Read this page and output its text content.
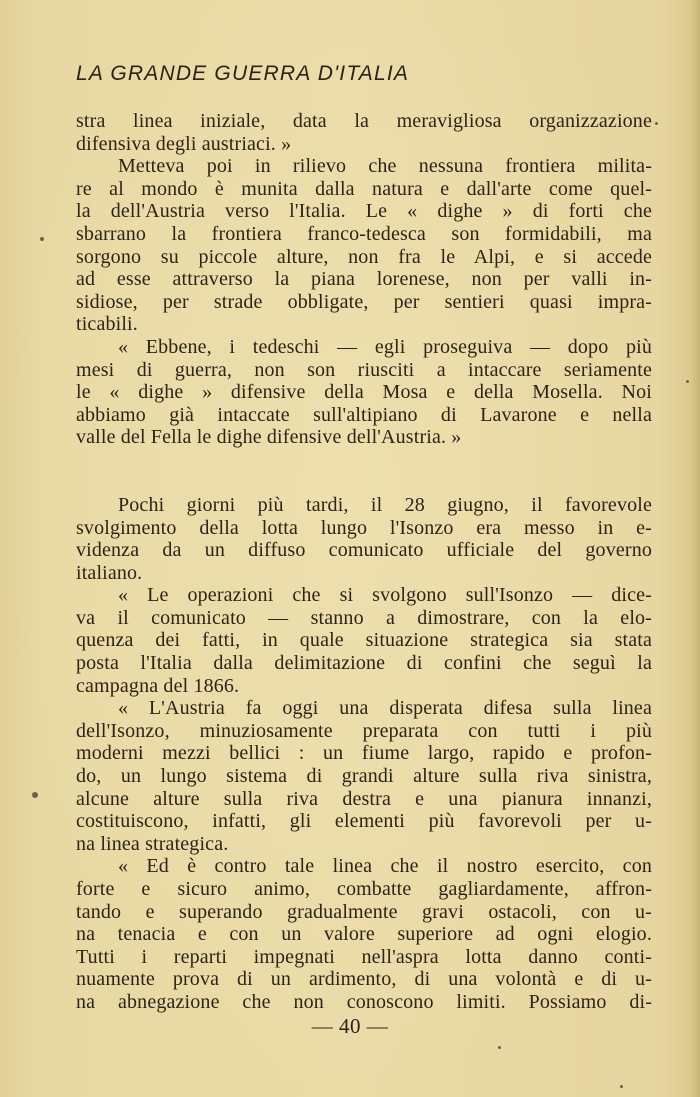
LA GRANDE GUERRA D'ITALIA

stra linea iniziale, data la meravigliosa organizzazione
difensiva degli austriaci. »

Metteva poi in rilievo che nessuna frontiera milita-
re al mondo è munita dalla natura e dall'arte come quel-
la dell'Austria verso l'Italia. Le « dighe » di forti che
sbarrano la frontiera franco-tedesca son formidabili, ma
sorgono su piccole alture, non fra le Alpi, e si accede
ad esse attraverso la piana lorenese, non per valli in-
sidiose, per strade obbligate, per sentieri quasi impra-
ticabili.

« Ebbene, i tedeschi — egli proseguiva — dopo più
mesi di guerra, non son riusciti a intaccare seriamente
le « dighe » difensive della Mosa e della Mosella. Noi
abbiamo già intaccate sull'altipiano di Lavarone e nella
valle del Fella le dighe difensive dell'Austria. »

Pochi giorni più tardi, il 28 giugno, il favorevole
svolgimento della lotta lungo l'Isonzo era messo in e-
videnza da un diffuso comunicato ufficiale del governo
italiano.

« Le operazioni che si svolgono sull'Isonzo — dice-
va il comunicato — stanno a dimostrare, con la elo-
quenza dei fatti, in quale situazione strategica sia stata
posta l'Italia dalla delimitazione di confini che seguì la
campagna del 1866.

« L'Austria fa oggi una disperata difesa sulla linea
dell'Isonzo, minuziosamente preparata con tutti i più
moderni mezzi bellici : un fiume largo, rapido e profon-
do, un lungo sistema di grandi alture sulla riva sinistra,
alcune alture sulla riva destra e una pianura innanzi,
costituiscono, infatti, gli elementi più favorevoli per u-
na linea strategica.

« Ed è contro tale linea che il nostro esercito, con
forte e sicuro animo, combatte gagliardamente, affron-
tando e superando gradualmente gravi ostacoli, con u-
na tenacia e con un valore superiore ad ogni elogio.
Tutti i reparti impegnati nell'aspra lotta danno conti-
nuamente prova di un ardimento, di una volontà e di u-
na abnegazione che non conoscono limiti. Possiamo di-

— 40 —
